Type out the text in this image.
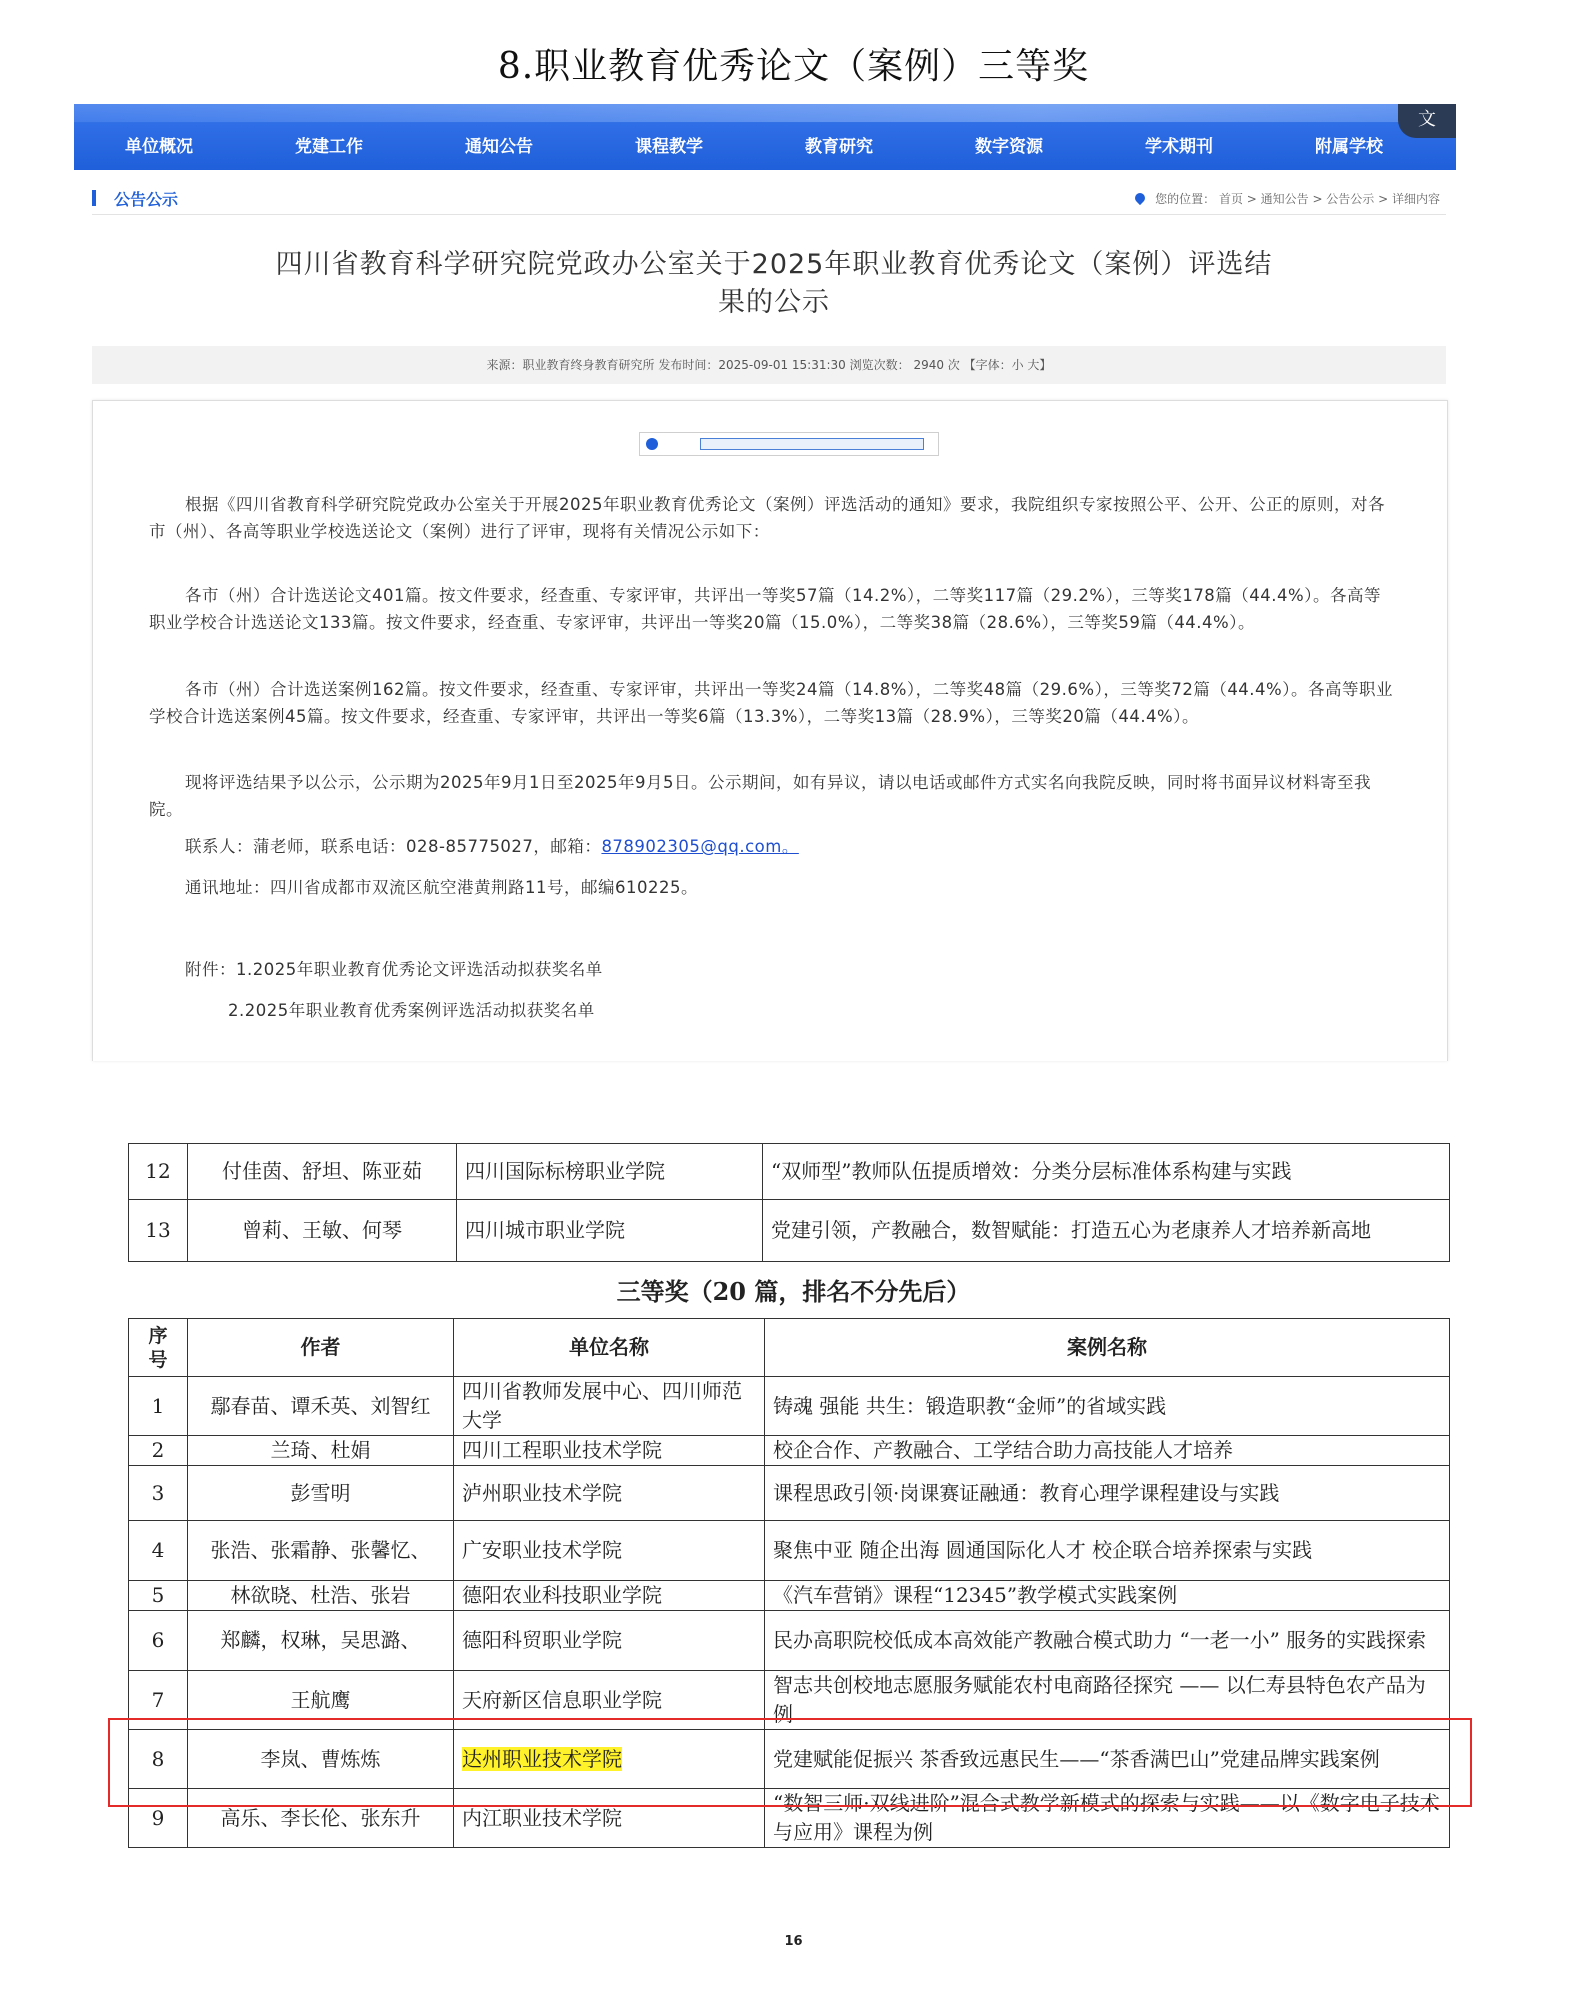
8.职业教育优秀论文（案例）三等奖
单位概况	党建工作	通知公告	课程教学	教育研究	数字资源	学术期刊	附属学校
文
公告公示	您的位置： 首页 > 通知公告 > 公告公示 > 详细内容
四川省教育科学研究院党政办公室关于2025年职业教育优秀论文（案例）评选结
果的公示
来源：职业教育终身教育研究所 发布时间：2025-09-01 15:31:30 浏览次数： 2940 次 【字体：小 大】
根据《四川省教育科学研究院党政办公室关于开展2025年职业教育优秀论文（案例）评选活动的通知》要求，我院组织专家按照公平、公开、公正的原则，对各市（州）、各高等职业学校选送论文（案例）进行了评审，现将有关情况公示如下：
各市（州）合计选送论文401篇。按文件要求，经查重、专家评审，共评出一等奖57篇（14.2%），二等奖117篇（29.2%），三等奖178篇（44.4%）。各高等职业学校合计选送论文133篇。按文件要求，经查重、专家评审，共评出一等奖20篇（15.0%），二等奖38篇（28.6%），三等奖59篇（44.4%）。
各市（州）合计选送案例162篇。按文件要求，经查重、专家评审，共评出一等奖24篇（14.8%），二等奖48篇（29.6%），三等奖72篇（44.4%）。各高等职业学校合计选送案例45篇。按文件要求，经查重、专家评审，共评出一等奖6篇（13.3%），二等奖13篇（28.9%），三等奖20篇（44.4%）。
现将评选结果予以公示，公示期为2025年9月1日至2025年9月5日。公示期间，如有异议，请以电话或邮件方式实名向我院反映，同时将书面异议材料寄至我院。
联系人：蒲老师，联系电话：028-85775027，邮箱：878902305@qq.com。
通讯地址：四川省成都市双流区航空港黄荆路11号，邮编610225。
附件：1.2025年职业教育优秀论文评选活动拟获奖名单
2.2025年职业教育优秀案例评选活动拟获奖名单
12	付佳茵、舒坦、陈亚茹	四川国际标榜职业学院	“双师型”教师队伍提质增效：分类分层标准体系构建与实践
13	曾莉、王敏、何琴	四川城市职业学院	党建引领，产教融合，数智赋能：打造五心为老康养人才培养新高地
三等奖（20 篇，排名不分先后）
序号	作者	单位名称	案例名称
1	鄢春苗、谭禾英、刘智红	四川省教师发展中心、四川师范大学	铸魂 强能 共生：锻造职教“金师”的省域实践
2	兰琦、杜娟	四川工程职业技术学院	校企合作、产教融合、工学结合助力高技能人才培养
3	彭雪明	泸州职业技术学院	课程思政引领·岗课赛证融通：教育心理学课程建设与实践
4	张浩、张霜静、张馨忆、	广安职业技术学院	聚焦中亚 随企出海 圆通国际化人才 校企联合培养探索与实践
5	林欲晓、杜浩、张岩	德阳农业科技职业学院	《汽车营销》课程“12345”教学模式实践案例
6	郑麟，权琳，吴思潞、	德阳科贸职业学院	民办高职院校低成本高效能产教融合模式助力 “一老一小” 服务的实践探索
7	王航鹰	天府新区信息职业学院	智志共创校地志愿服务赋能农村电商路径探究 —— 以仁寿县特色农产品为例
8	李岚、曹炼炼	达州职业技术学院	党建赋能促振兴 茶香致远惠民生——“茶香满巴山”党建品牌实践案例
9	高乐、李长伦、张东升	内江职业技术学院	“数智三师·双线进阶”混合式教学新模式的探索与实践——以《数字电子技术与应用》课程为例
16
